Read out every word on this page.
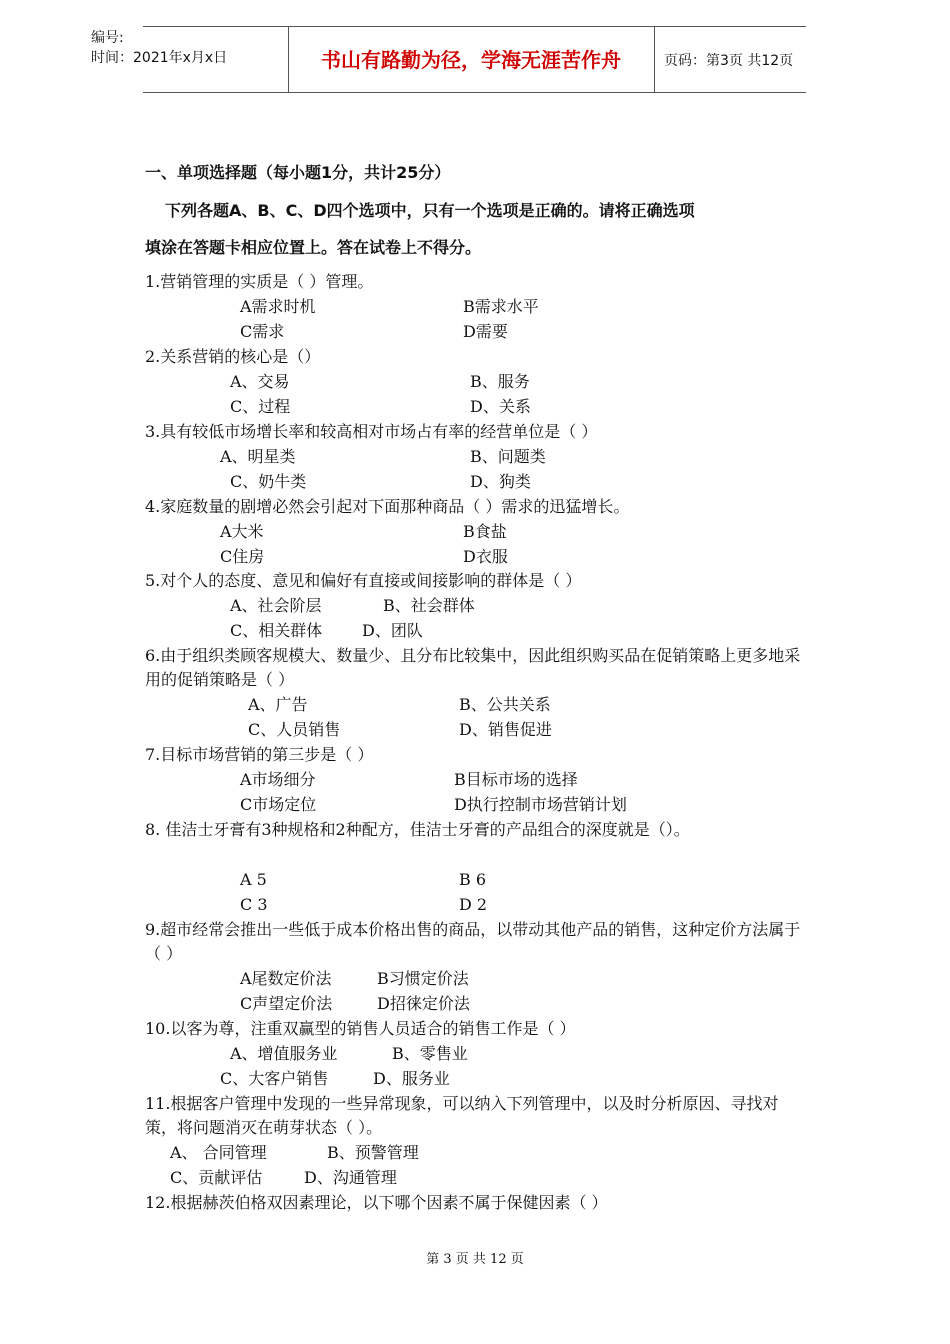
编号:
时间：2021年x月x日	书山有路勤为径，学海无涯苦作舟	页码：第3页 共12页
一、单项选择题（每小题1分，共计25分）
下列各题A、B、C、D四个选项中，只有一个选项是正确的。请将正确选项
填涂在答题卡相应位置上。答在试卷上不得分。
1.营销管理的实质是（ ）管理。
A需求时机	B需求水平
C需求	D需要
2.关系营销的核心是（）
A、交易	B、服务
C、过程	D、关系
3.具有较低市场增长率和较高相对市场占有率的经营单位是（ ）
A、明星类	B、问题类
C、奶牛类	D、狗类
4.家庭数量的剧增必然会引起对下面那种商品（ ）需求的迅猛增长。
A大米	B食盐
C住房	D衣服
5.对个人的态度、意见和偏好有直接或间接影响的群体是（ ）
A、社会阶层	B、社会群体
C、相关群体 D、团队
6.由于组织类顾客规模大、数量少、且分布比较集中，因此组织购买品在促销策略上更多地采用的促销策略是（ ）
A、广告	B、公共关系
C、人员销售	D、销售促进
7.目标市场营销的第三步是（ ）
A市场细分	B目标市场的选择
C市场定位	D执行控制市场营销计划
8. 佳洁士牙膏有3种规格和2种配方，佳洁士牙膏的产品组合的深度就是（）。
A 5	B 6
C 3	D 2
9.超市经常会推出一些低于成本价格出售的商品，以带动其他产品的销售，这种定价方法属于（ ）
A尾数定价法	B习惯定价法
C声望定价法	D招徕定价法
10.以客为尊，注重双赢型的销售人员适合的销售工作是（ ）
A、增值服务业	B、零售业
C、大客户销售	D、服务业
11.根据客户管理中发现的一些异常现象，可以纳入下列管理中，以及时分析原因、寻找对策，将问题消灭在萌芽状态（ ）。
A、 合同管理	B、预警管理
C、贡献评估	D、沟通管理
12.根据赫茨伯格双因素理论，以下哪个因素不属于保健因素（ ）
第 3 页 共 12 页
